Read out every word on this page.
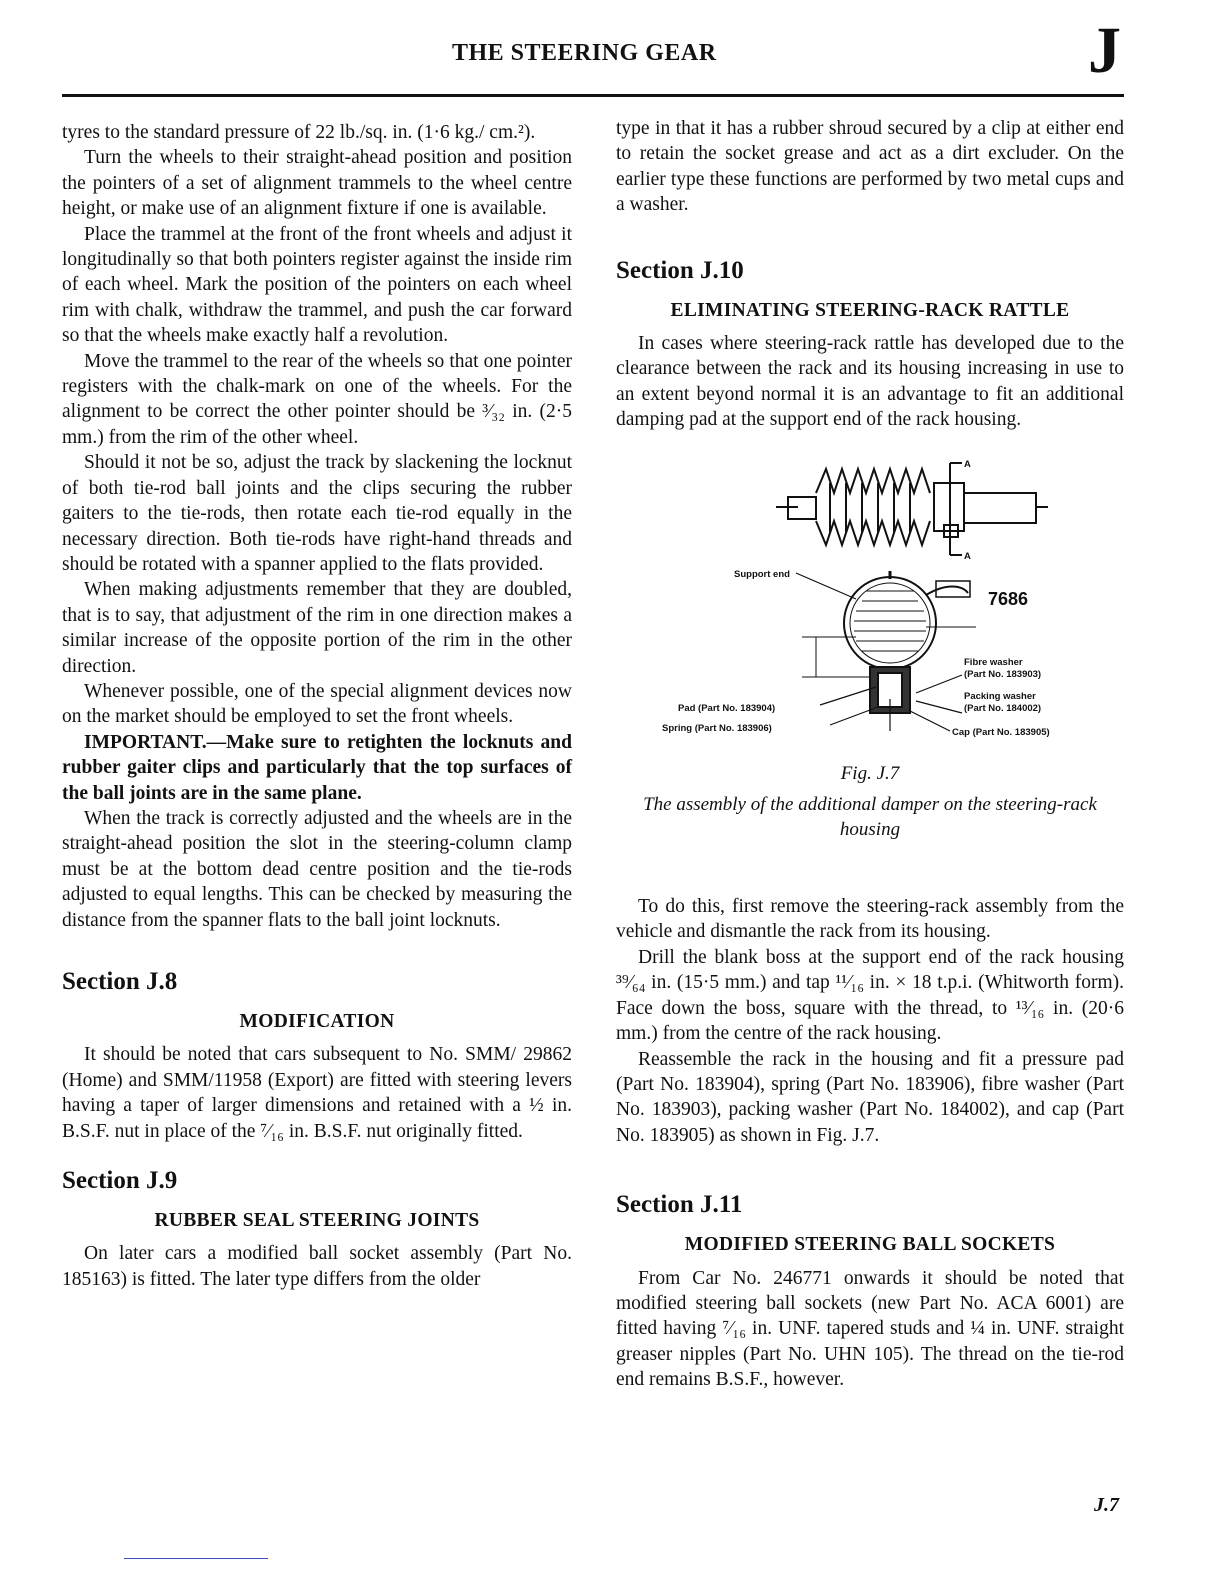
THE STEERING GEAR	J

tyres to the standard pressure of 22 lb./sq. in. (1·6 kg./ cm.²).

Turn the wheels to their straight-ahead position and position the pointers of a set of alignment trammels to the wheel centre height, or make use of an alignment fixture if one is available.

Place the trammel at the front of the front wheels and adjust it longitudinally so that both pointers register against the inside rim of each wheel. Mark the position of the pointers on each wheel rim with chalk, withdraw the trammel, and push the car forward so that the wheels make exactly half a revolution.

Move the trammel to the rear of the wheels so that one pointer registers with the chalk-mark on one of the wheels. For the alignment to be correct the other pointer should be ³⁄₃₂ in. (2·5 mm.) from the rim of the other wheel.

Should it not be so, adjust the track by slackening the locknut of both tie-rod ball joints and the clips securing the rubber gaiters to the tie-rods, then rotate each tie-rod equally in the necessary direction. Both tie-rods have right-hand threads and should be rotated with a spanner applied to the flats provided.

When making adjustments remember that they are doubled, that is to say, that adjustment of the rim in one direction makes a similar increase of the opposite portion of the rim in the other direction.

Whenever possible, one of the special alignment devices now on the market should be employed to set the front wheels.

IMPORTANT.—Make sure to retighten the locknuts and rubber gaiter clips and particularly that the top surfaces of the ball joints are in the same plane.

When the track is correctly adjusted and the wheels are in the straight-ahead position the slot in the steering-column clamp must be at the bottom dead centre position and the tie-rods adjusted to equal lengths. This can be checked by measuring the distance from the spanner flats to the ball joint locknuts.

Section J.8
MODIFICATION

It should be noted that cars subsequent to No. SMM/ 29862 (Home) and SMM/11958 (Export) are fitted with steering levers having a taper of larger dimensions and retained with a ½ in. B.S.F. nut in place of the ⁷⁄₁₆ in. B.S.F. nut originally fitted.

Section J.9
RUBBER SEAL STEERING JOINTS

On later cars a modified ball socket assembly (Part No. 185163) is fitted. The later type differs from the older

type in that it has a rubber shroud secured by a clip at either end to retain the socket grease and act as a dirt excluder. On the earlier type these functions are performed by two metal cups and a washer.

Section J.10
ELIMINATING STEERING-RACK RATTLE

In cases where steering-rack rattle has developed due to the clearance between the rack and its housing increasing in use to an extent beyond normal it is an advantage to fit an additional damping pad at the support end of the rack housing.

A
A
Support end
7686
Fibre washer
(Part No. 183903)
Packing washer
(Part No. 184002)
Pad (Part No. 183904)
Spring (Part No. 183906)	Cap (Part No. 183905)
Fig. J.7
The assembly of the additional damper on the steering-rack housing

To do this, first remove the steering-rack assembly from the vehicle and dismantle the rack from its housing.

Drill the blank boss at the support end of the rack housing ³⁹⁄₆₄ in. (15·5 mm.) and tap ¹¹⁄₁₆ in. × 18 t.p.i. (Whitworth form). Face down the boss, square with the thread, to ¹³⁄₁₆ in. (20·6 mm.) from the centre of the rack housing.

Reassemble the rack in the housing and fit a pressure pad (Part No. 183904), spring (Part No. 183906), fibre washer (Part No. 183903), packing washer (Part No. 184002), and cap (Part No. 183905) as shown in Fig. J.7.

Section J.11
MODIFIED STEERING BALL SOCKETS

From Car No. 246771 onwards it should be noted that modified steering ball sockets (new Part No. ACA 6001) are fitted having ⁷⁄₁₆ in. UNF. tapered studs and ¼ in. UNF. straight greaser nipples (Part No. UHN 105). The thread on the tie-rod end remains B.S.F., however.

J.7
